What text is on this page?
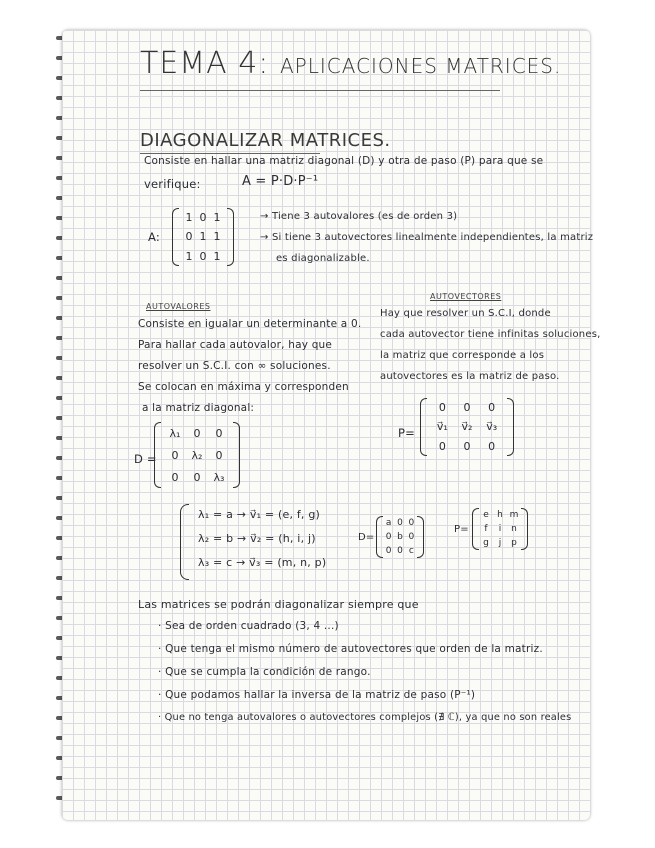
TEMA 4: APLICACIONES MATRICES.
DIAGONALIZAR MATRICES.
Consiste en hallar una matriz diagonal (D) y otra de paso (P) para que se
verifique:	A = P·D·P⁻¹
A:
1 0 1
0 1 1
1 0 1
→ Tiene 3 autovalores (es de orden 3)
→ Si tiene 3 autovectores linealmente independientes, la matriz
es diagonalizable.
AUTOVALORES
Consiste en igualar un determinante a 0.
Para hallar cada autovalor, hay que
resolver un S.C.I. con ∞ soluciones.
Se colocan en máxima y corresponden
a la matriz diagonal:
D =
λ₁ 0 0
0 λ₂ 0
0 0 λ₃
AUTOVECTORES
Hay que resolver un S.C.I, donde
cada autovector tiene infinitas soluciones,
la matriz que corresponde a los
autovectores es la matriz de paso.
P=
0 0 0
v⃗₁ v⃗₂ v⃗₃
0 0 0
λ₁ = a → v⃗₁ = (e, f, g)
λ₂ = b → v⃗₂ = (h, i, j)
λ₃ = c → v⃗₃ = (m, n, p)
D=
a 0 0
0 b 0
0 0 c
P=
e h m
f i n
g j p
Las matrices se podrán diagonalizar siempre que
· Sea de orden cuadrado (3, 4 ...)
· Que tenga el mismo número de autovectores que orden de la matriz.
· Que se cumpla la condición de rango.
· Que podamos hallar la inversa de la matriz de paso (P⁻¹)
· Que no tenga autovalores o autovectores complejos (∄ ℂ), ya que no son reales
